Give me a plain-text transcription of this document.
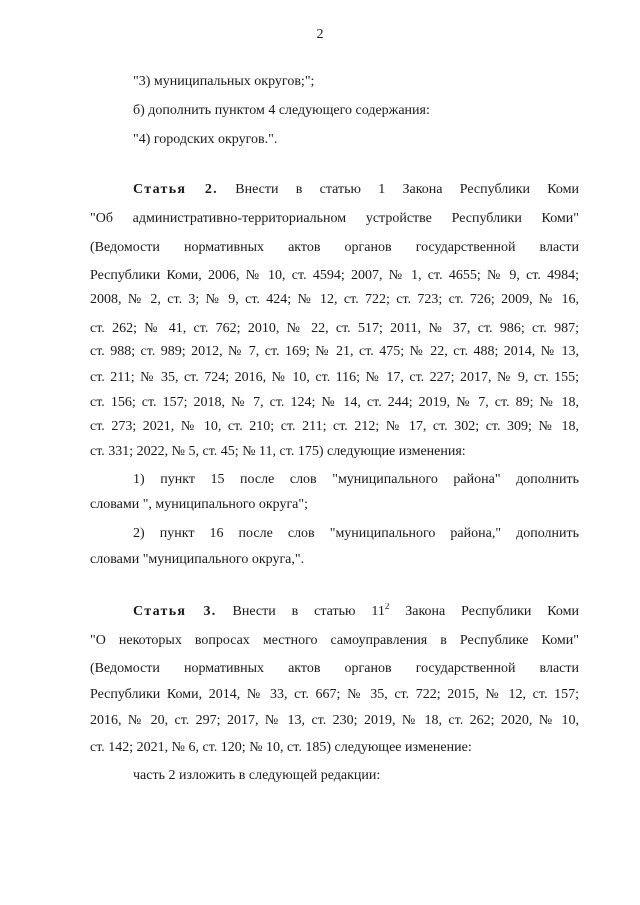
2
"3) муниципальных округов;";
б) дополнить пунктом 4 следующего содержания:
"4) городских округов.".
Статья 2. Внести в статью 1 Закона Республики Коми
"Об административно-территориальном устройстве Республики Коми"
(Ведомости нормативных актов органов государственной власти
Республики Коми, 2006, № 10, ст. 4594; 2007, № 1, ст. 4655; № 9, ст. 4984;
2008, № 2, ст. 3; № 9, ст. 424; № 12, ст. 722; ст. 723; ст. 726; 2009, № 16,
ст. 262; № 41, ст. 762; 2010, № 22, ст. 517; 2011, № 37, ст. 986; ст. 987;
ст. 988; ст. 989; 2012, № 7, ст. 169; № 21, ст. 475; № 22, ст. 488; 2014, № 13,
ст. 211; № 35, ст. 724; 2016, № 10, ст. 116; № 17, ст. 227; 2017, № 9, ст. 155;
ст. 156; ст. 157; 2018, № 7, ст. 124; № 14, ст. 244; 2019, № 7, ст. 89; № 18,
ст. 273; 2021, № 10, ст. 210; ст. 211; ст. 212; № 17, ст. 302; ст. 309; № 18,
ст. 331; 2022, № 5, ст. 45; № 11, ст. 175) следующие изменения:
1) пункт 15 после слов "муниципального района" дополнить
словами ", муниципального округа";
2) пункт 16 после слов "муниципального района," дополнить
словами "муниципального округа,".
Статья 3. Внести в статью $11^2$ Закона Республики Коми
"О некоторых вопросах местного самоуправления в Республике Коми"
(Ведомости нормативных актов органов государственной власти
Республики Коми, 2014, № 33, ст. 667; № 35, ст. 722; 2015, № 12, ст. 157;
2016, № 20, ст. 297; 2017, № 13, ст. 230; 2019, № 18, ст. 262; 2020, № 10,
ст. 142; 2021, № 6, ст. 120; № 10, ст. 185) следующее изменение:
часть 2 изложить в следующей редакции:
